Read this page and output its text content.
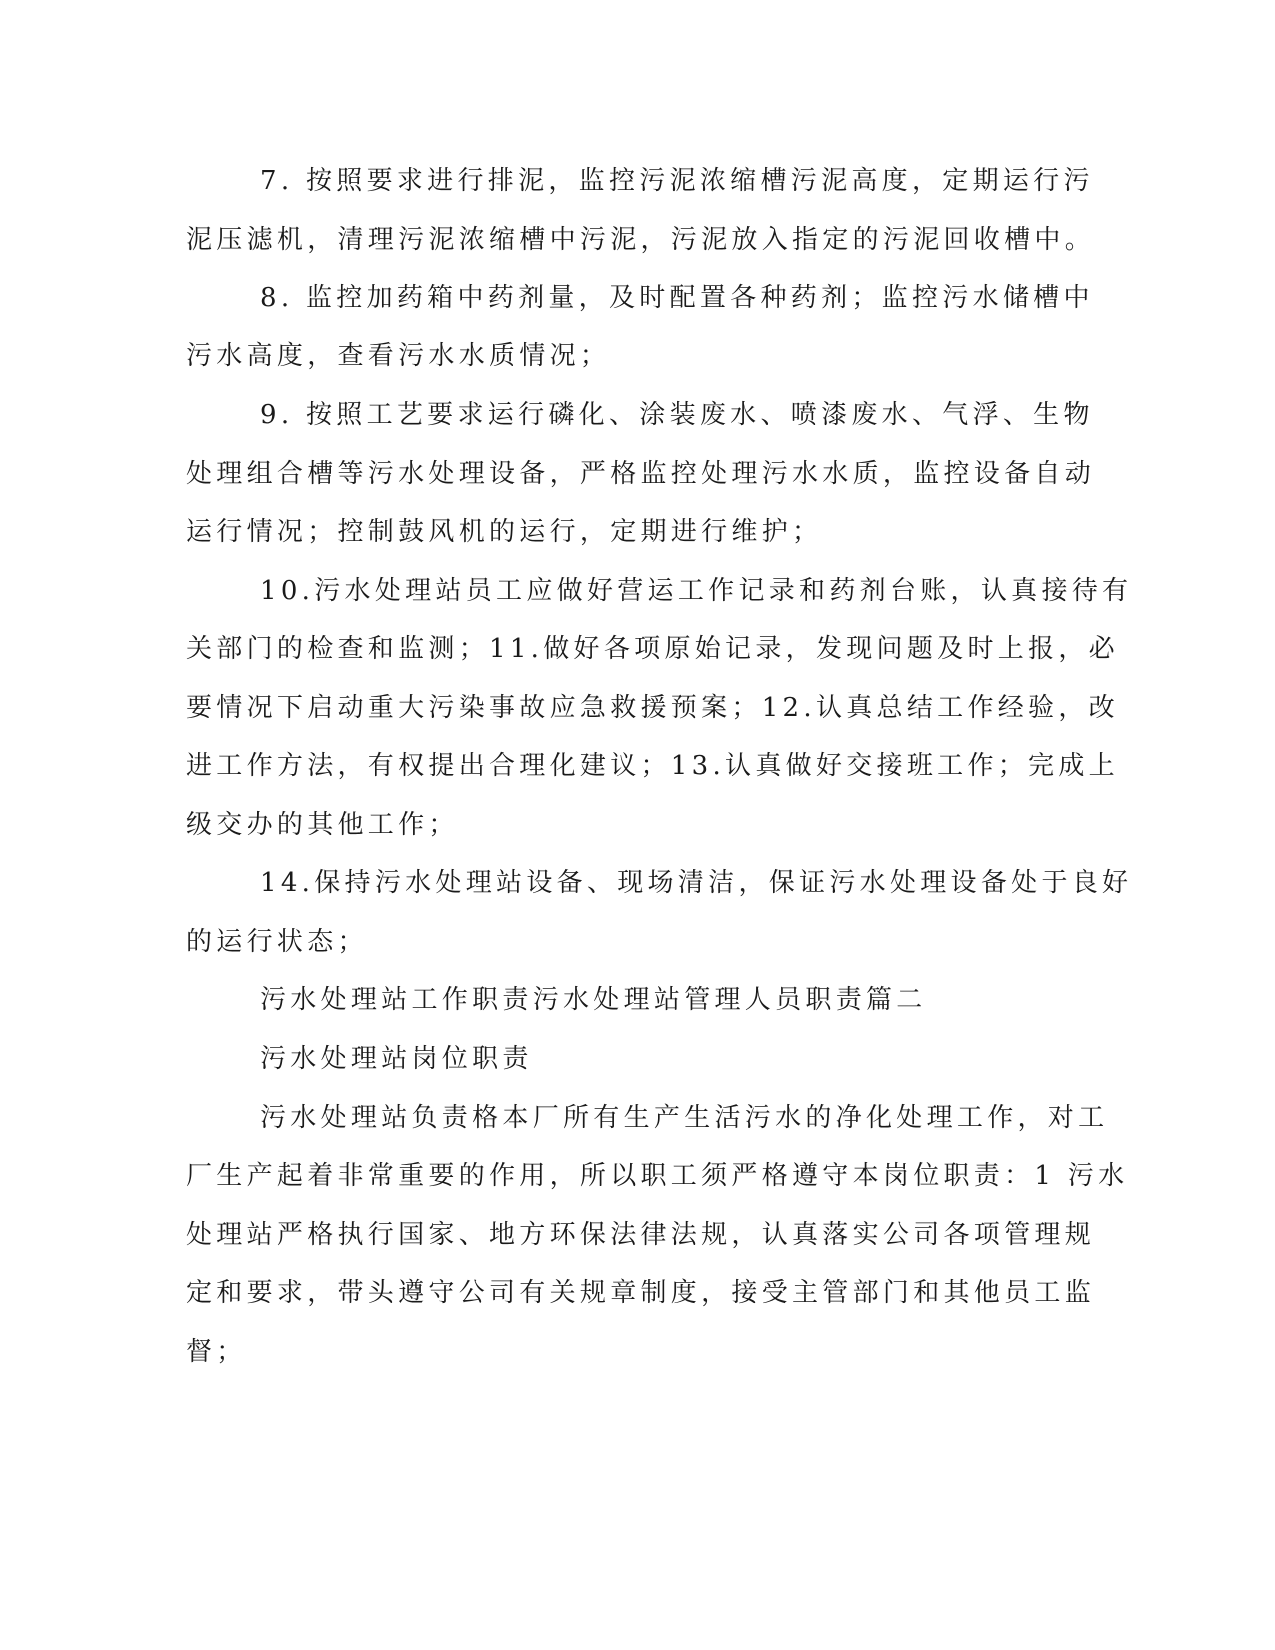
7. 按照要求进行排泥，监控污泥浓缩槽污泥高度，定期运行污
泥压滤机，清理污泥浓缩槽中污泥，污泥放入指定的污泥回收槽中。
8. 监控加药箱中药剂量，及时配置各种药剂；监控污水储槽中
污水高度，查看污水水质情况；
9. 按照工艺要求运行磷化、涂装废水、喷漆废水、气浮、生物
处理组合槽等污水处理设备，严格监控处理污水水质，监控设备自动
运行情况；控制鼓风机的运行，定期进行维护；
10.污水处理站员工应做好营运工作记录和药剂台账，认真接待有
关部门的检查和监测；11.做好各项原始记录，发现问题及时上报，必
要情况下启动重大污染事故应急救援预案；12.认真总结工作经验，改
进工作方法，有权提出合理化建议；13.认真做好交接班工作；完成上
级交办的其他工作；
14.保持污水处理站设备、现场清洁，保证污水处理设备处于良好
的运行状态；
污水处理站工作职责污水处理站管理人员职责篇二
污水处理站岗位职责
污水处理站负责格本厂所有生产生活污水的净化处理工作，对工
厂生产起着非常重要的作用，所以职工须严格遵守本岗位职责：1 污水
处理站严格执行国家、地方环保法律法规，认真落实公司各项管理规
定和要求，带头遵守公司有关规章制度，接受主管部门和其他员工监
督；
